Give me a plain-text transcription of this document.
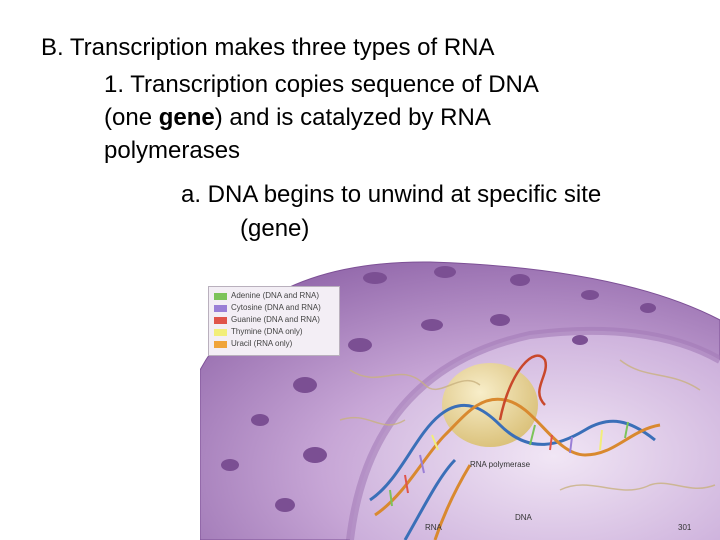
B. Transcription makes three types of RNA
1. Transcription copies sequence of DNA
(one gene) and is catalyzed by RNA
polymerases
a. DNA begins to unwind at specific site
(gene)
RNA polymerase
RNA
DNA
301
Adenine (DNA and RNA)
Cytosine (DNA and RNA)
Guanine (DNA and RNA)
Thymine (DNA only)
Uracil (RNA only)
